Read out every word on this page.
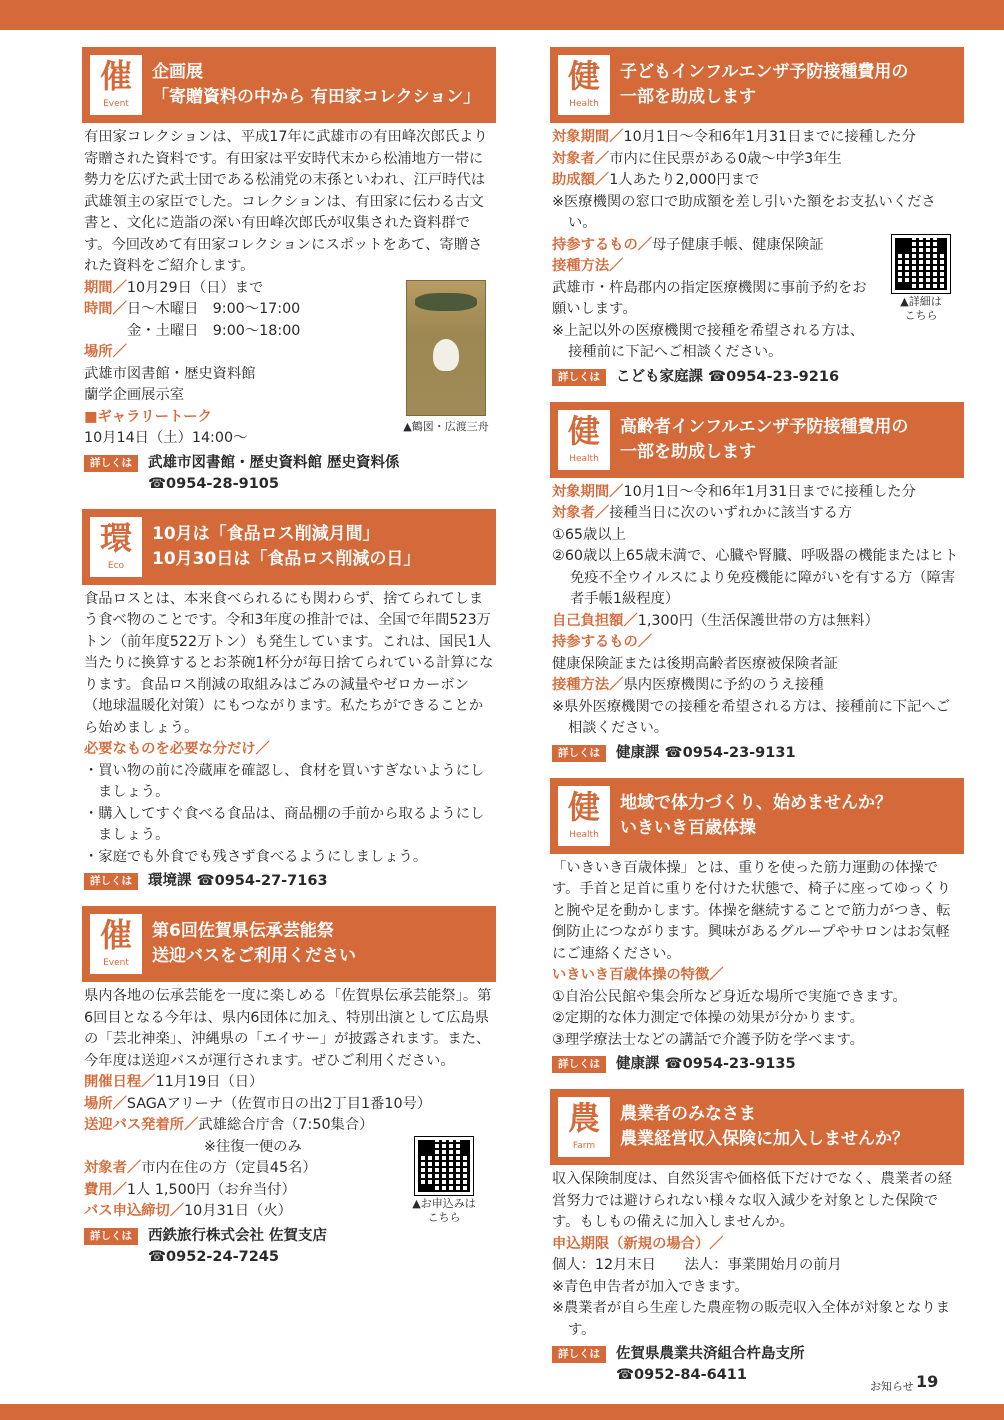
催
Event
企画展
「寄贈資料の中から 有田家コレクション」

有田家コレクションは、平成17年に武雄市の有田峰次郎氏より寄贈された資料です。有田家は平安時代末から松浦地方一帯に勢力を広げた武士団である松浦党の末孫といわれ、江戸時代は武雄領主の家臣でした。コレクションは、有田家に伝わる古文書と、文化に造詣の深い有田峰次郎氏が収集された資料群です。今回改めて有田家コレクションにスポットをあて、寄贈された資料をご紹介します。

▲鶴図・広渡三舟

期間／10月29日（日）まで

時間／日～木曜日　9:00～17:00

金・土曜日　9:00～18:00

場所／

武雄市図書館・歴史資料館

蘭学企画展示室

■ギャラリートーク

10月14日（土）14:00～

詳しくは	武雄市図書館・歴史資料館 歴史資料係
☎0954-28-9105
環
Eco
10月は「食品ロス削減月間」
10月30日は「食品ロス削減の日」

食品ロスとは、本来食べられるにも関わらず、捨てられてしまう食べ物のことです。令和3年度の推計では、全国で年間523万トン（前年度522万トン）も発生しています。これは、国民1人当たりに換算するとお茶碗1杯分が毎日捨てられている計算になります。食品ロス削減の取組みはごみの減量やゼロカーボン（地球温暖化対策）にもつながります。私たちができることから始めましょう。

必要なものを必要な分だけ／

・買い物の前に冷蔵庫を確認し、食材を買いすぎないようにしましょう。

・購入してすぐ食べる食品は、商品棚の手前から取るようにしましょう。

・家庭でも外食でも残さず食べるようにしましょう。

詳しくは	環境課 ☎0954-27-7163
催
Event
第6回佐賀県伝承芸能祭
送迎バスをご利用ください

県内各地の伝承芸能を一度に楽しめる「佐賀県伝承芸能祭」。第6回目となる今年は、県内6団体に加え、特別出演として広島県の「芸北神楽」、沖縄県の「エイサー」が披露されます。また、今年度は送迎バスが運行されます。ぜひご利用ください。

開催日程／11月19日（日）

場所／SAGAアリーナ（佐賀市日の出2丁目1番10号）

送迎バス発着所／武雄総合庁舎（7:50集合）

▲お申込みは
こちら

※往復一便のみ

対象者／市内在住の方（定員45名）

費用／1人 1,500円（お弁当付）

バス申込締切／10月31日（火）

詳しくは	西鉄旅行株式会社 佐賀支店
☎0952-24-7245
健
Health
子どもインフルエンザ予防接種費用の
一部を助成します

対象期間／10月1日～令和6年1月31日までに接種した分

対象者／市内に住民票がある0歳～中学3年生

助成額／1人あたり2,000円まで

※医療機関の窓口で助成額を差し引いた額をお支払いください。

▲詳細は
こちら

持参するもの／母子健康手帳、健康保険証

接種方法／

武雄市・杵島郡内の指定医療機関に事前予約をお願いします。

※上記以外の医療機関で接種を希望される方は、接種前に下記へご相談ください。

詳しくは	こども家庭課 ☎0954-23-9216
健
Health
高齢者インフルエンザ予防接種費用の
一部を助成します

対象期間／10月1日～令和6年1月31日までに接種した分

対象者／接種当日に次のいずれかに該当する方

①65歳以上

②60歳以上65歳未満で、心臓や腎臓、呼吸器の機能またはヒト免疫不全ウイルスにより免疫機能に障がいを有する方（障害者手帳1級程度）

自己負担額／1,300円（生活保護世帯の方は無料）

持参するもの／

健康保険証または後期高齢者医療被保険者証

接種方法／県内医療機関に予約のうえ接種

※県外医療機関での接種を希望される方は、接種前に下記へご相談ください。

詳しくは	健康課 ☎0954-23-9131
健
Health
地域で体力づくり、始めませんか？
いきいき百歳体操

「いきいき百歳体操」とは、重りを使った筋力運動の体操です。手首と足首に重りを付けた状態で、椅子に座ってゆっくりと腕や足を動かします。体操を継続することで筋力がつき、転倒防止につながります。興味があるグループやサロンはお気軽にご連絡ください。

いきいき百歳体操の特徴／

①自治公民館や集会所など身近な場所で実施できます。

②定期的な体力測定で体操の効果が分かります。

③理学療法士などの講話で介護予防を学べます。

詳しくは	健康課 ☎0954-23-9135
農
Farm
農業者のみなさま
農業経営収入保険に加入しませんか？

収入保険制度は、自然災害や価格低下だけでなく、農業者の経営努力では避けられない様々な収入減少を対象とした保険です。もしもの備えに加入しませんか。

申込期限（新規の場合）／

個人：12月末日　　法人：事業開始月の前月

※青色申告者が加入できます。

※農業者が自ら生産した農産物の販売収入全体が対象となります。

詳しくは	佐賀県農業共済組合杵島支所
☎0952-84-6411
お知らせ 19
